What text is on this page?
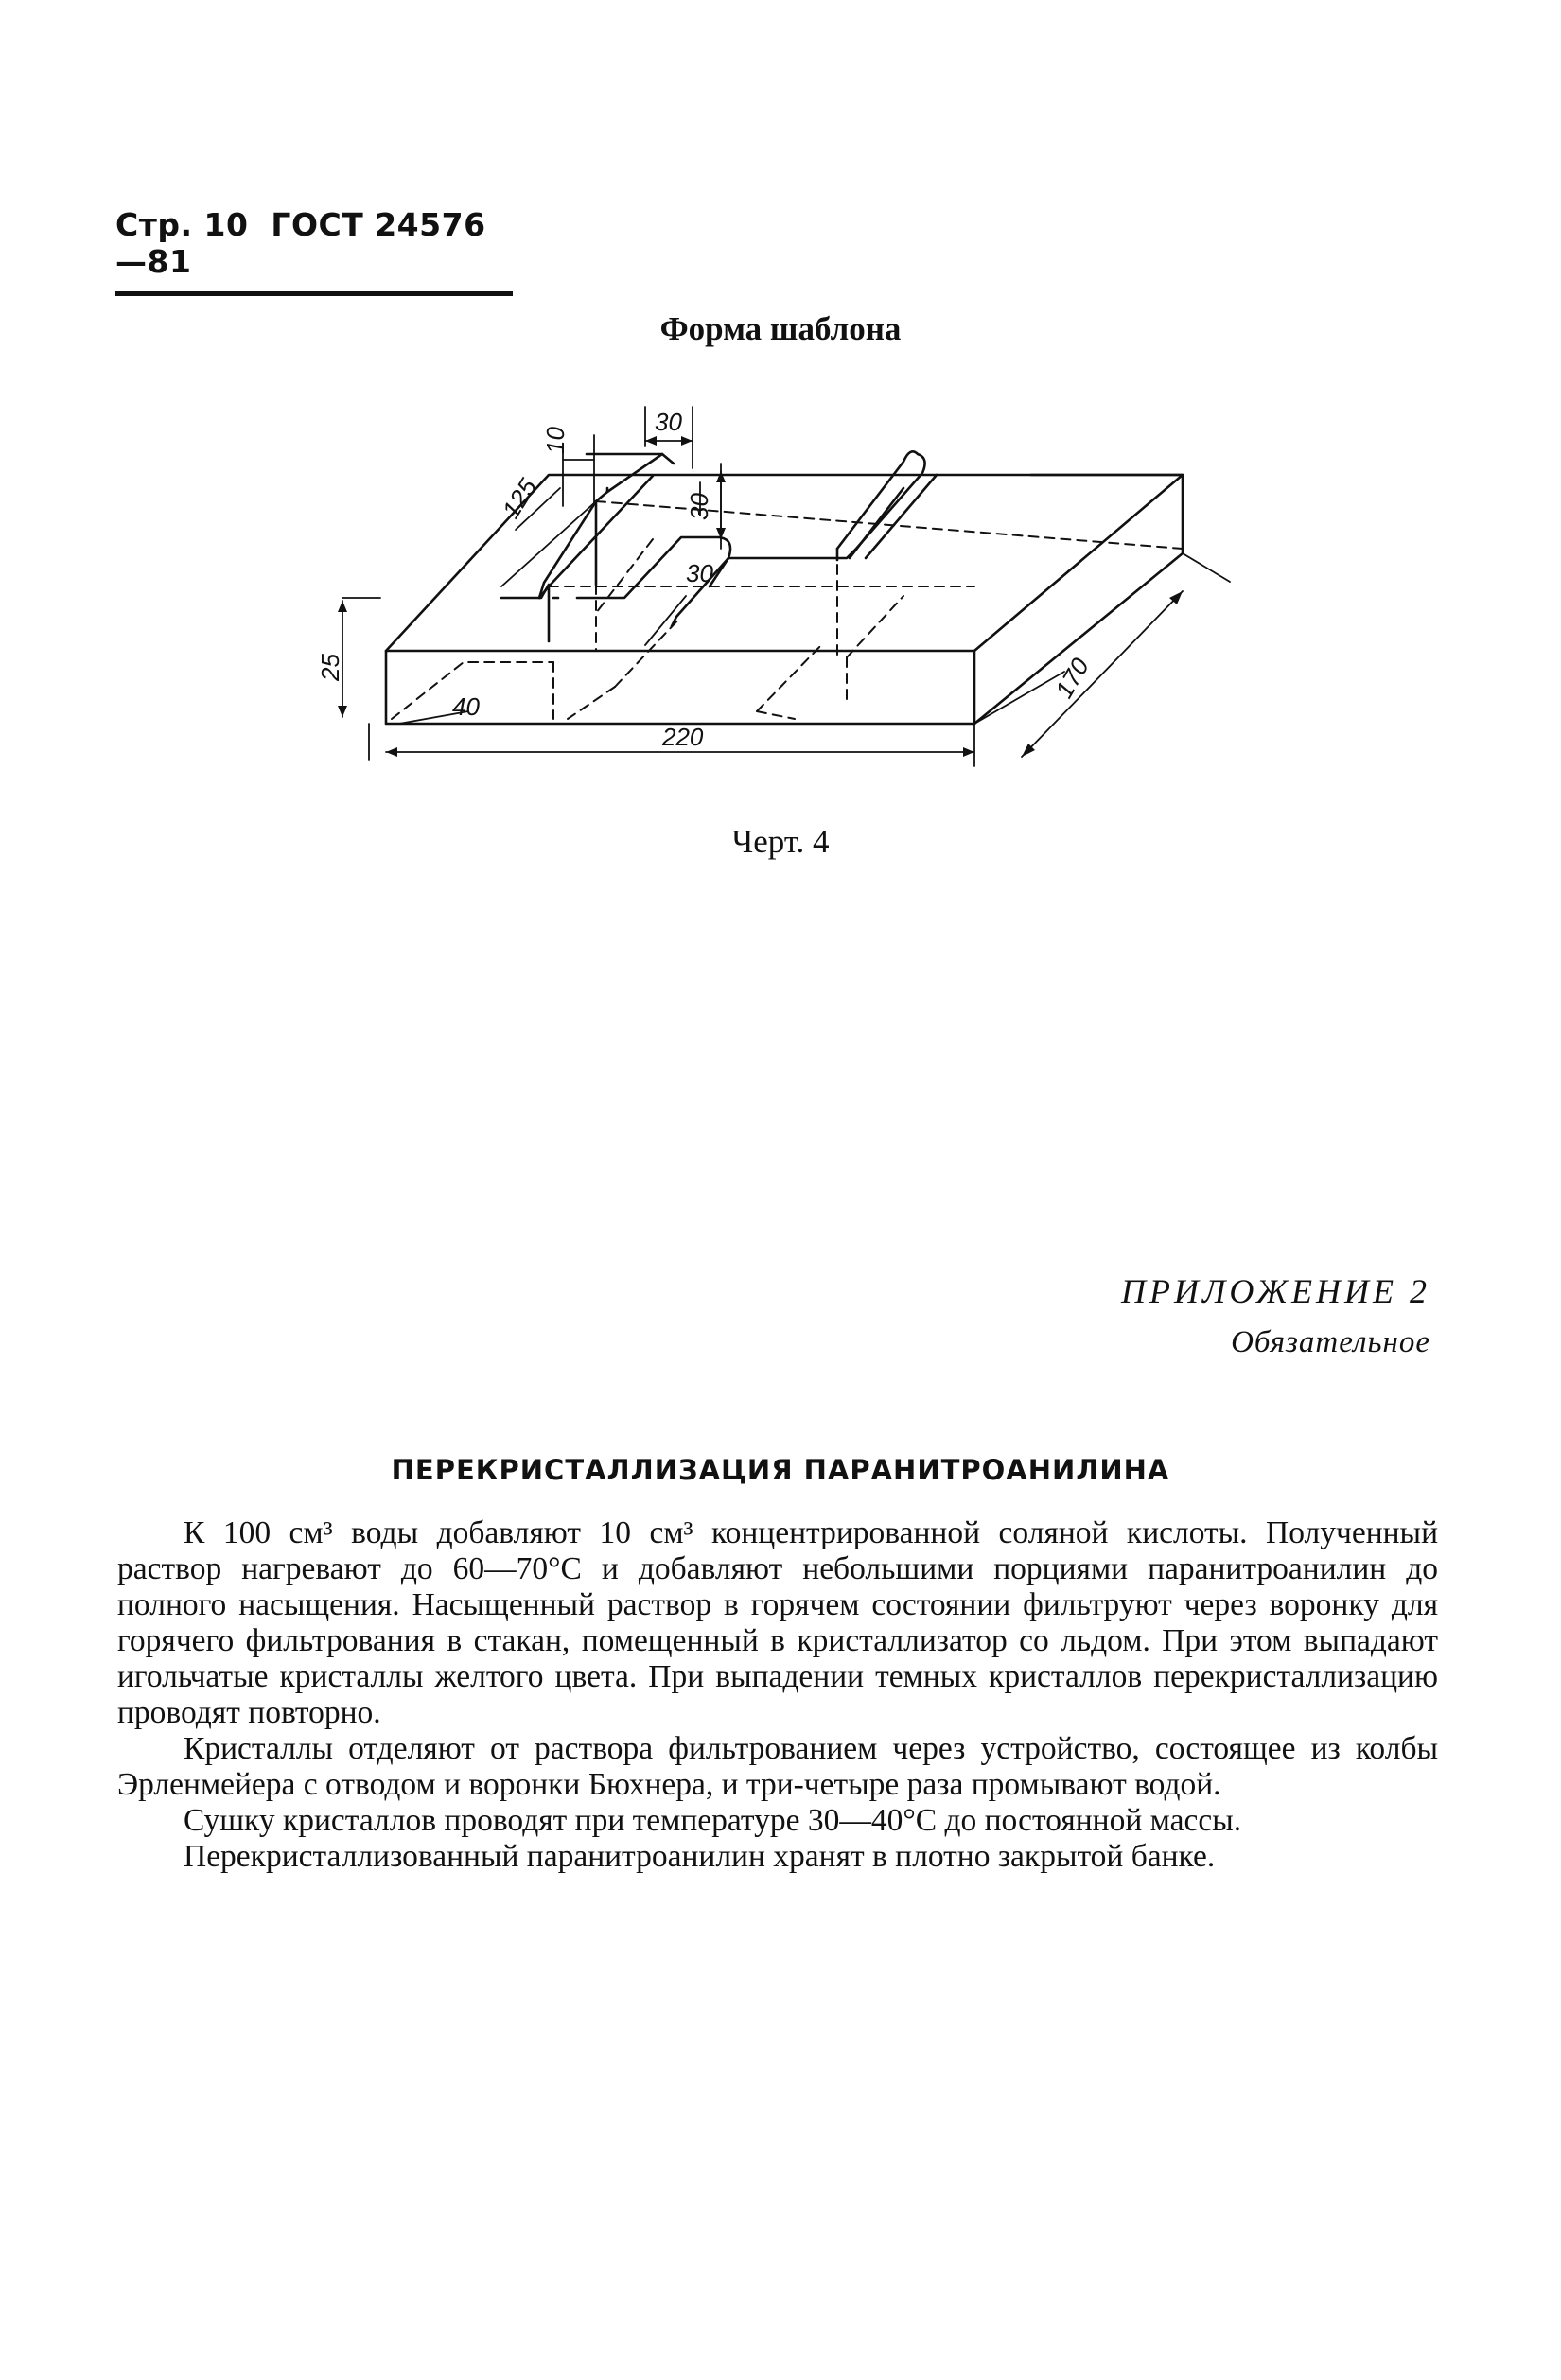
Стр. 10 ГОСТ 24576—81
Форма шаблона
30
10
125	30
30
40
25
220
170
Черт. 4
ПРИЛОЖЕНИЕ 2
Обязательное
ПЕРЕКРИСТАЛЛИЗАЦИЯ ПАРАНИТРОАНИЛИНА

К 100 см³ воды добавляют 10 см³ концентрированной соляной кислоты. Полученный раствор нагревают до 60—70°С и добавляют небольшими порциями паранитроанилин до полного насыщения. Насыщенный раствор в горячем состоянии фильтруют через воронку для горячего фильтрования в стакан, помещенный в кристаллизатор со льдом. При этом выпадают игольчатые кристаллы желтого цвета. При выпадении темных кристаллов перекристаллизацию проводят повторно.

Кристаллы отделяют от раствора фильтрованием через устройство, состоящее из колбы Эрленмейера с отводом и воронки Бюхнера, и три-четыре раза промывают водой.

Сушку кристаллов проводят при температуре 30—40°С до постоянной массы.

Перекристаллизованный паранитроанилин хранят в плотно закрытой банке.
